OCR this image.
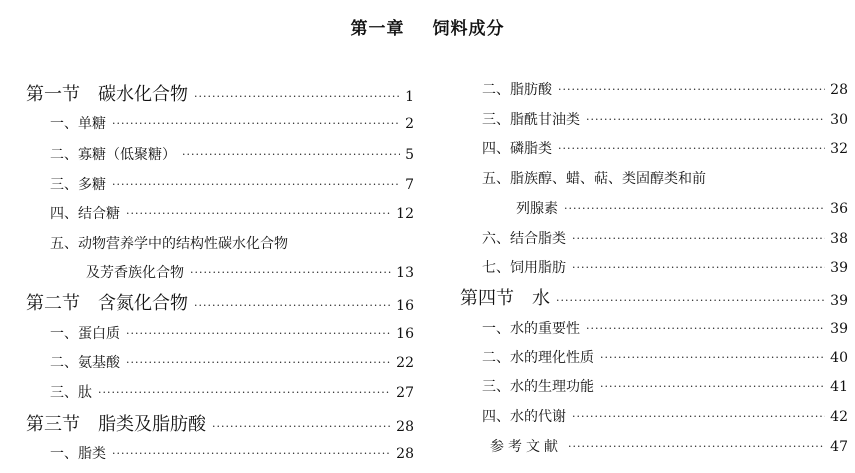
第一章 饲料成分
第一节　碳水化合物 ·····	1
一、单糖 ·····	2
二、寡糖（低聚糖） ·····	5
三、多糖 ·····	7
四、结合糖 ·····	12
五、动物营养学中的结构性碳水化合物
及芳香族化合物 ·····	13
第二节　含氮化合物 ·····	16
一、蛋白质 ·····	16
二、氨基酸 ·····	22
三、肽 ·····	27
第三节　脂类及脂肪酸 ·····	28
一、脂类 ·····	28
二、脂肪酸 ·····	28
三、脂酰甘油类 ·····	30
四、磷脂类 ·····	32
五、脂族醇、蜡、萜、类固醇类和前
列腺素 ·····	36
六、结合脂类 ·····	38
七、饲用脂肪 ·····	39
第四节　水 ·····	39
一、水的重要性 ·····	39
二、水的理化性质 ·····	40
三、水的生理功能 ·····	41
四、水的代谢 ·····	42
参考文献 ·····	47
